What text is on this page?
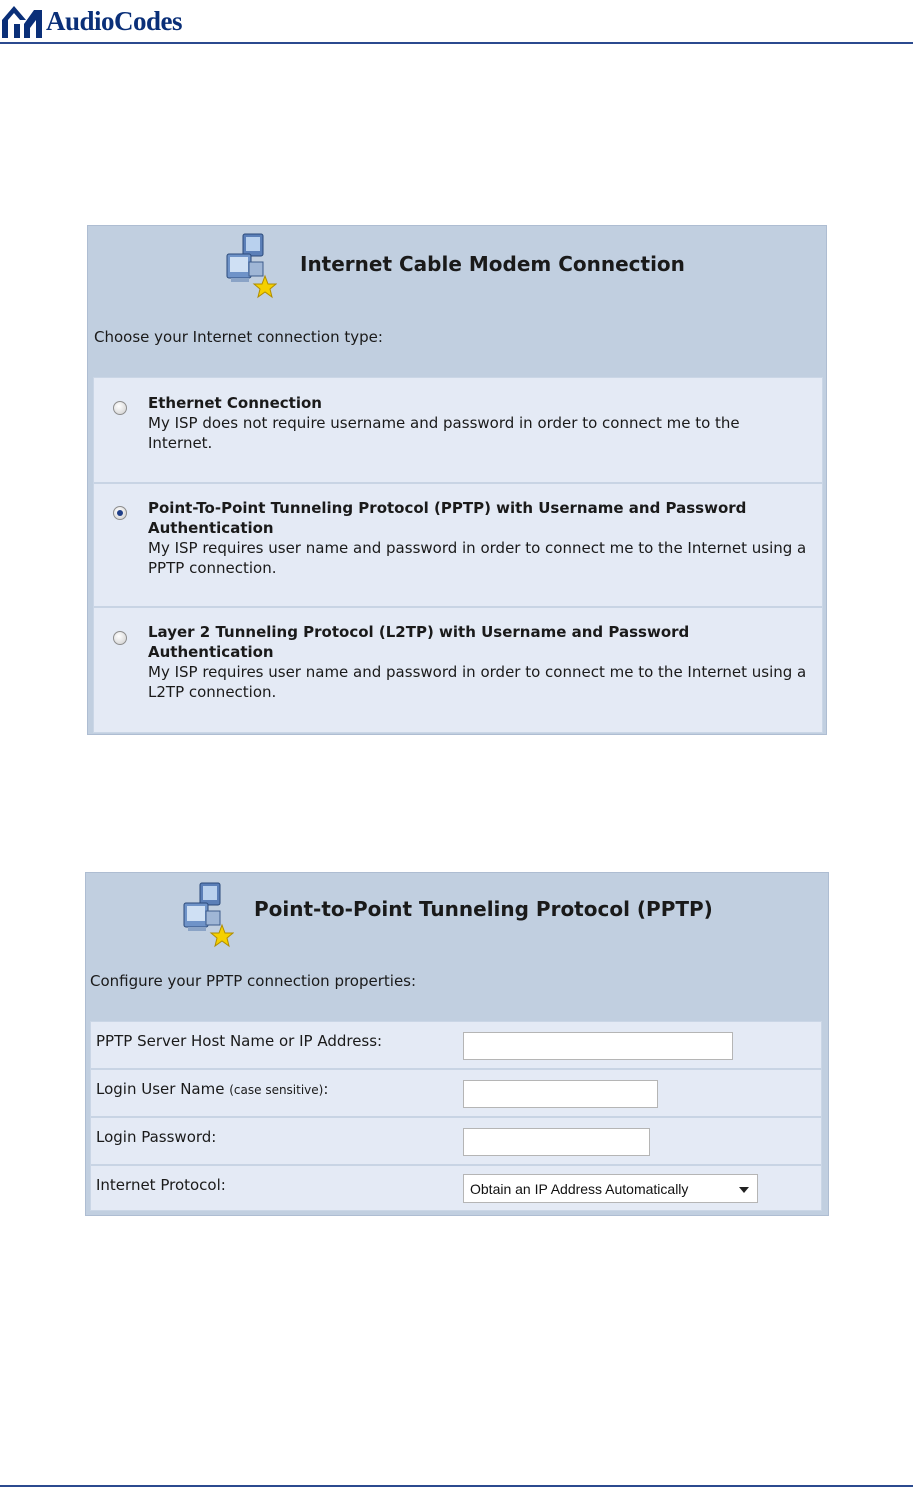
AudioCodes
Internet Cable Modem Connection
Choose your Internet connection type:
Ethernet Connection
My ISP does not require username and password in order to connect me to the Internet.
Point-To-Point Tunneling Protocol (PPTP) with Username and Password Authentication
My ISP requires user name and password in order to connect me to the Internet using a PPTP connection.
Layer 2 Tunneling Protocol (L2TP) with Username and Password Authentication
My ISP requires user name and password in order to connect me to the Internet using a L2TP connection.
Point-to-Point Tunneling Protocol (PPTP)
Configure your PPTP connection properties:
PPTP Server Host Name or IP Address:
Login User Name (case sensitive):
Login Password:
Internet Protocol:	Obtain an IP Address Automatically
